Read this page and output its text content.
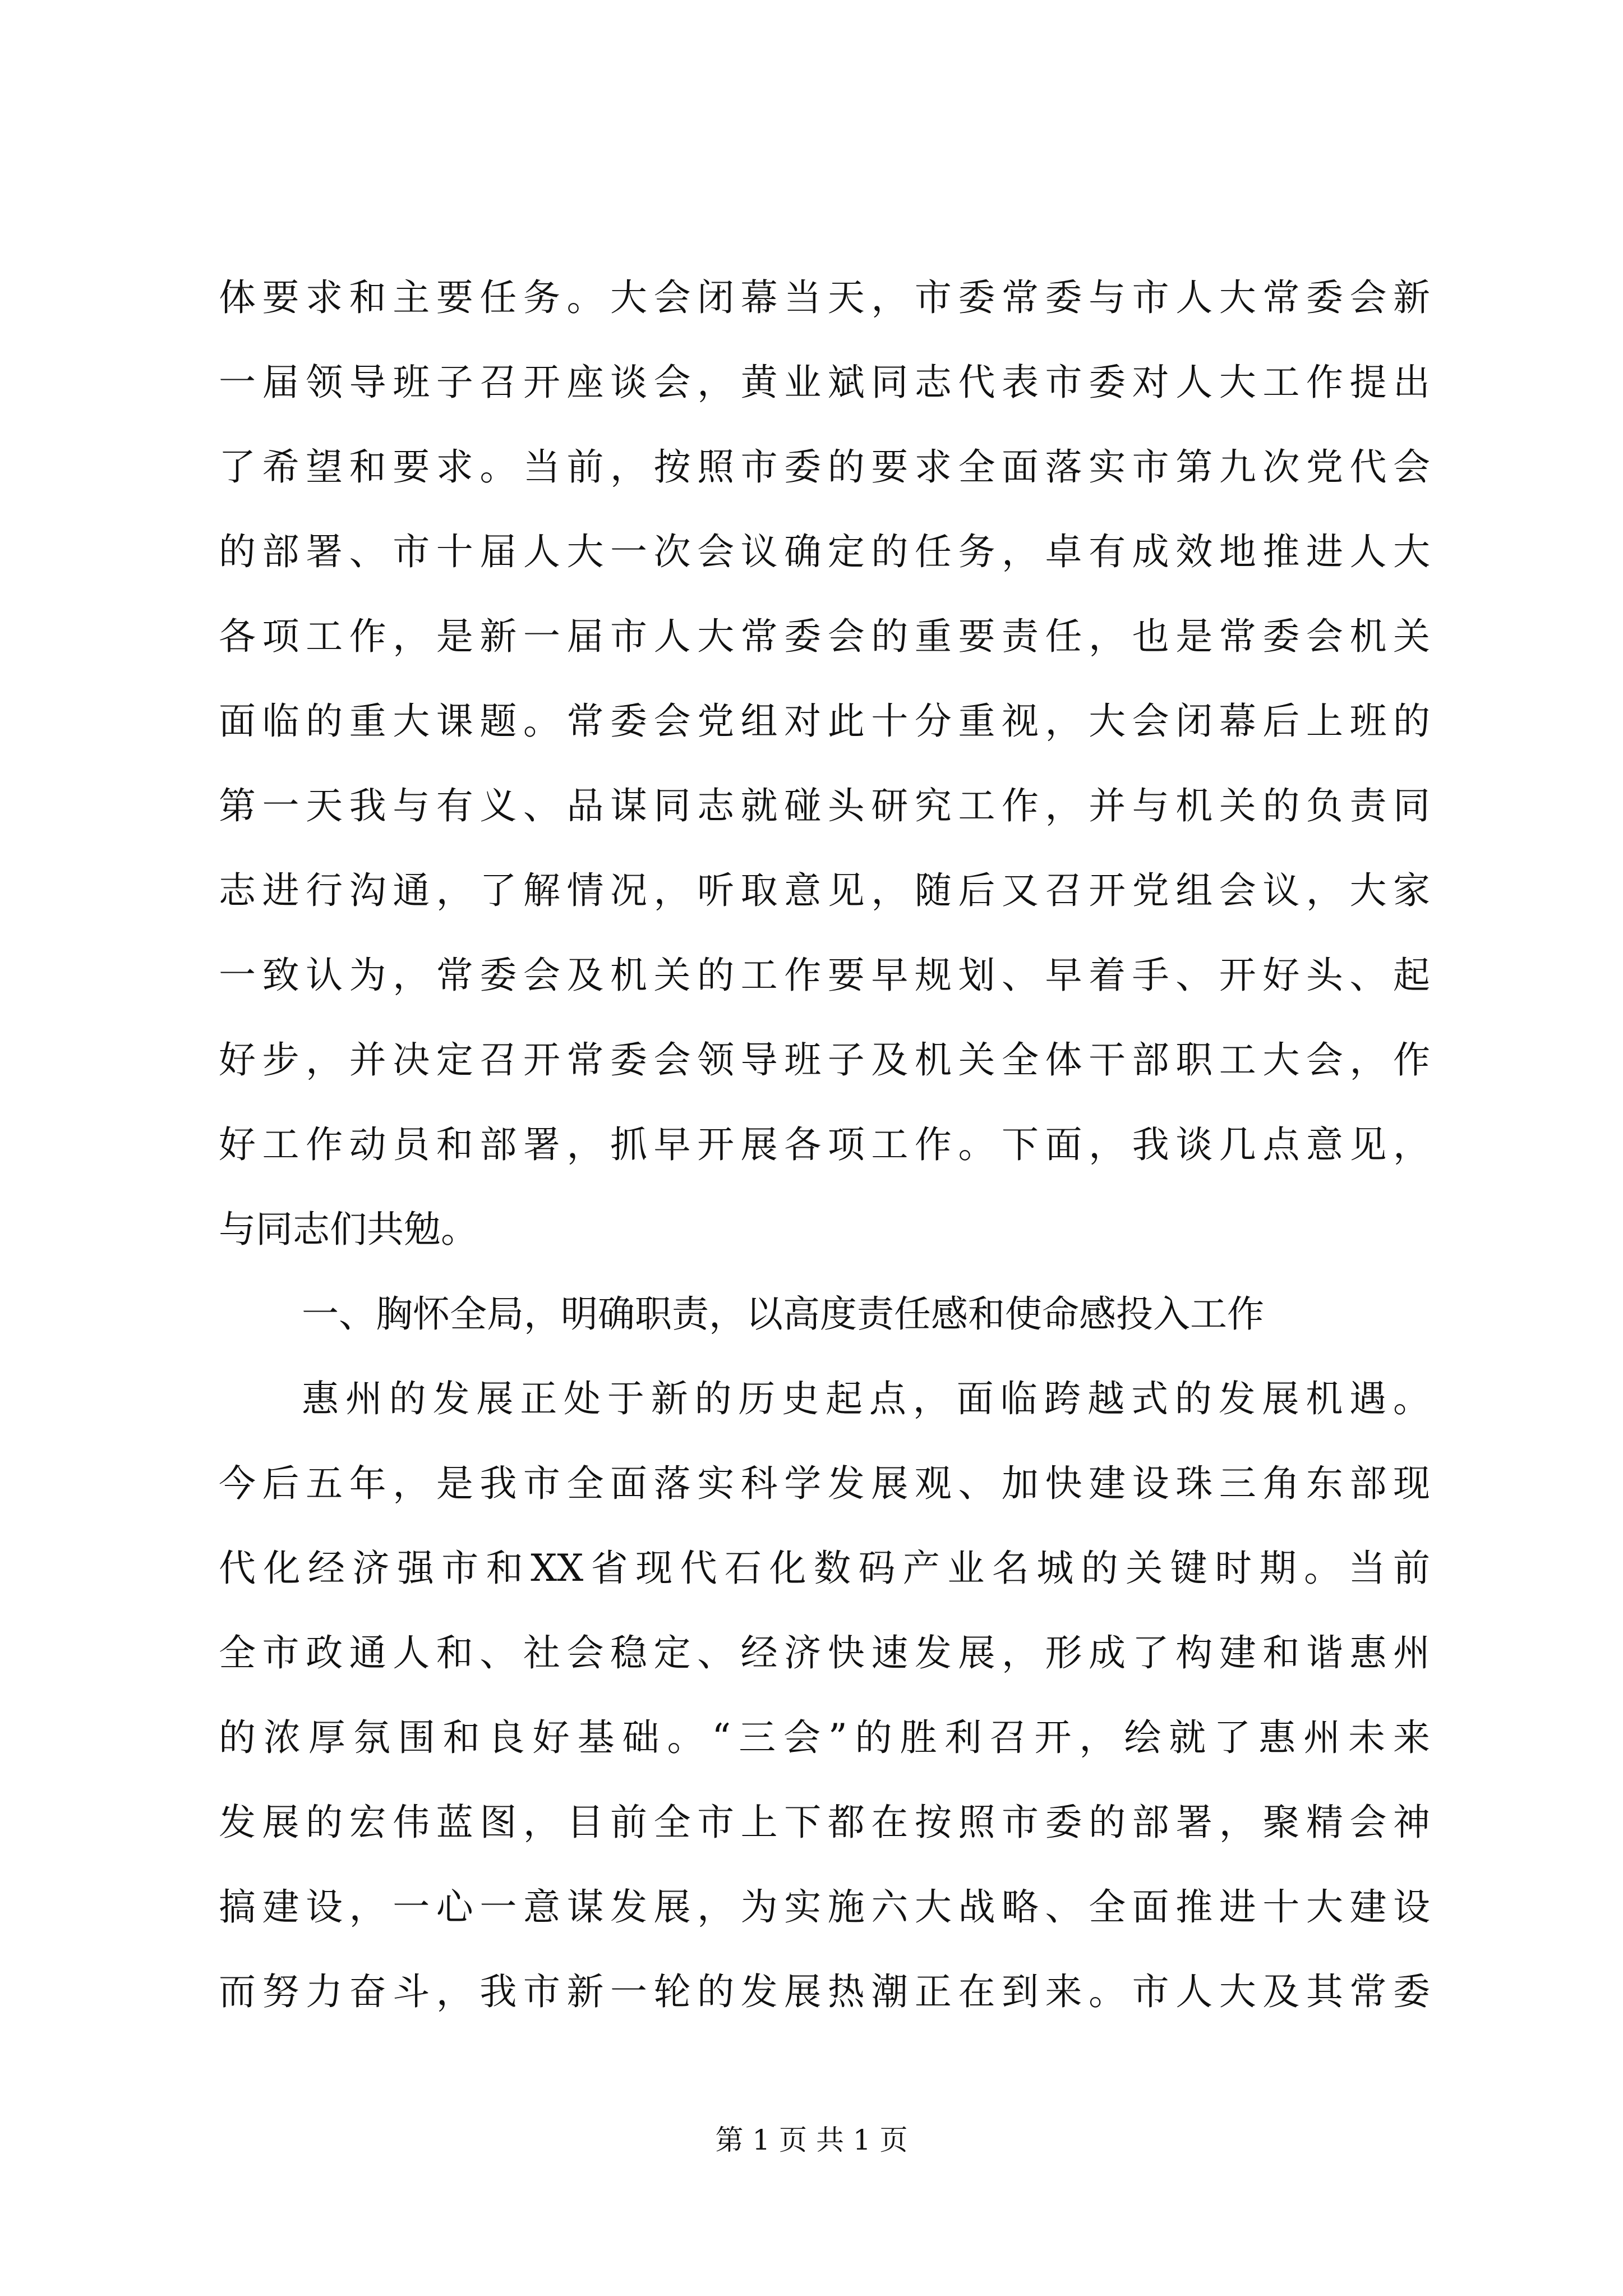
体要求和主要任务。大会闭幕当天，市委常委与市人大常委会新
一届领导班子召开座谈会，黄业斌同志代表市委对人大工作提出
了希望和要求。当前，按照市委的要求全面落实市第九次党代会
的部署、市十届人大一次会议确定的任务，卓有成效地推进人大
各项工作，是新一届市人大常委会的重要责任，也是常委会机关
面临的重大课题。常委会党组对此十分重视，大会闭幕后上班的
第一天我与有义、品谋同志就碰头研究工作，并与机关的负责同
志进行沟通，了解情况，听取意见，随后又召开党组会议，大家
一致认为，常委会及机关的工作要早规划、早着手、开好头、起
好步，并决定召开常委会领导班子及机关全体干部职工大会，作
好工作动员和部署，抓早开展各项工作。下面，我谈几点意见，
与同志们共勉。
一、胸怀全局，明确职责，以高度责任感和使命感投入工作
惠州的发展正处于新的历史起点，面临跨越式的发展机遇。
今后五年，是我市全面落实科学发展观、加快建设珠三角东部现
代化经济强市和XX省现代石化数码产业名城的关键时期。当前
全市政通人和、社会稳定、经济快速发展，形成了构建和谐惠州
的浓厚氛围和良好基础。“三会”的胜利召开，绘就了惠州未来
发展的宏伟蓝图，目前全市上下都在按照市委的部署，聚精会神
搞建设，一心一意谋发展，为实施六大战略、全面推进十大建设
而努力奋斗，我市新一轮的发展热潮正在到来。市人大及其常委
第 1 页 共 1 页
